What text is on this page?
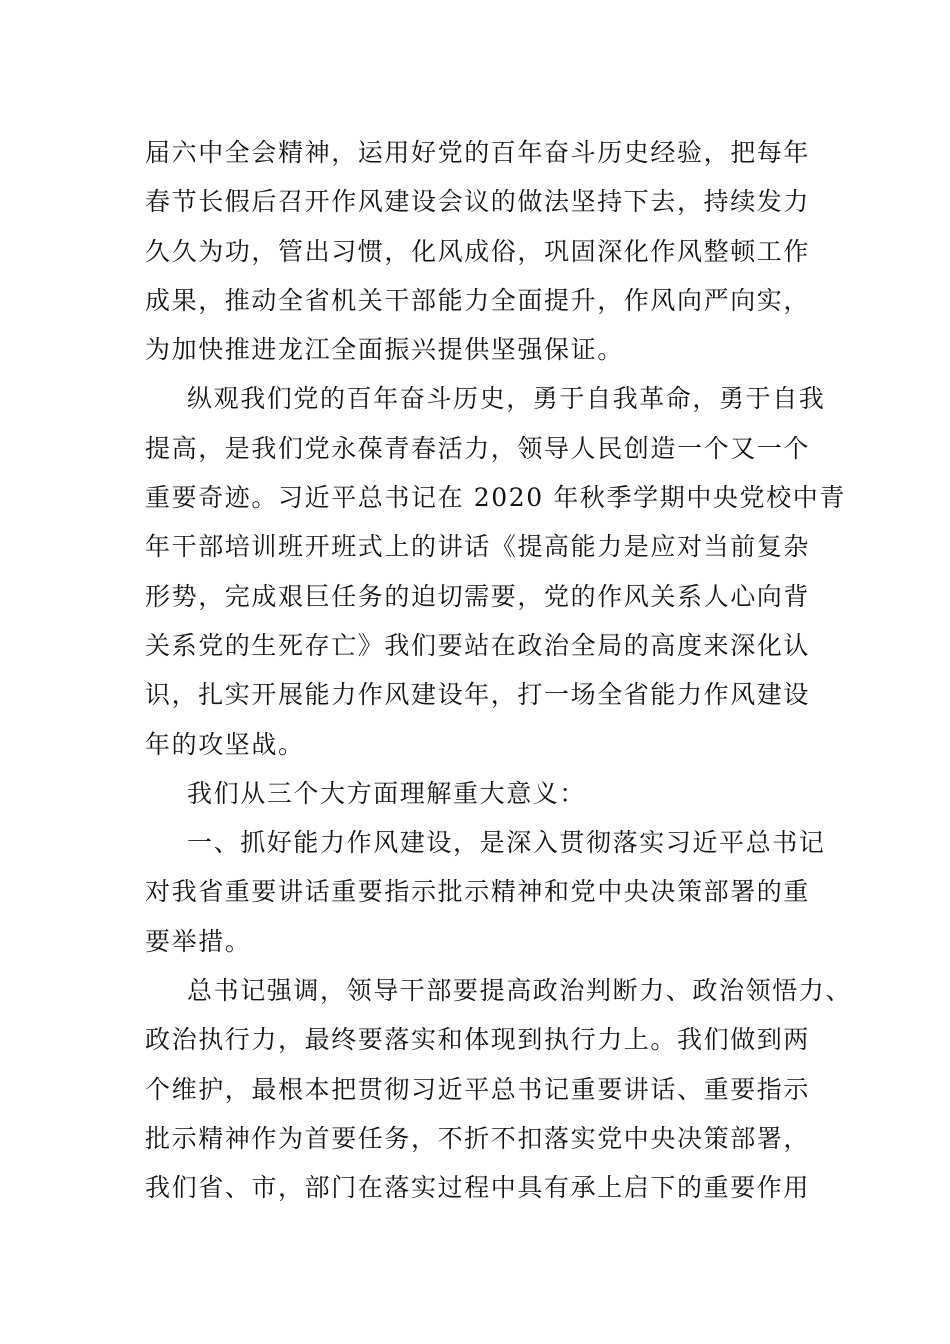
届六中全会精神，运用好党的百年奋斗历史经验，把每年
春节长假后召开作风建设会议的做法坚持下去，持续发力
久久为功，管出习惯，化风成俗，巩固深化作风整顿工作
成果，推动全省机关干部能力全面提升，作风向严向实，
为加快推进龙江全面振兴提供坚强保证。
纵观我们党的百年奋斗历史，勇于自我革命，勇于自我
提高，是我们党永葆青春活力，领导人民创造一个又一个
重要奇迹。习近平总书记在 2020 年秋季学期中央党校中青
年干部培训班开班式上的讲话《提高能力是应对当前复杂
形势，完成艰巨任务的迫切需要，党的作风关系人心向背
关系党的生死存亡》我们要站在政治全局的高度来深化认
识，扎实开展能力作风建设年，打一场全省能力作风建设
年的攻坚战。
我们从三个大方面理解重大意义：
一、抓好能力作风建设，是深入贯彻落实习近平总书记
对我省重要讲话重要指示批示精神和党中央决策部署的重
要举措。
总书记强调，领导干部要提高政治判断力、政治领悟力、
政治执行力，最终要落实和体现到执行力上。我们做到两
个维护，最根本把贯彻习近平总书记重要讲话、重要指示
批示精神作为首要任务，不折不扣落实党中央决策部署，
我们省、市，部门在落实过程中具有承上启下的重要作用
